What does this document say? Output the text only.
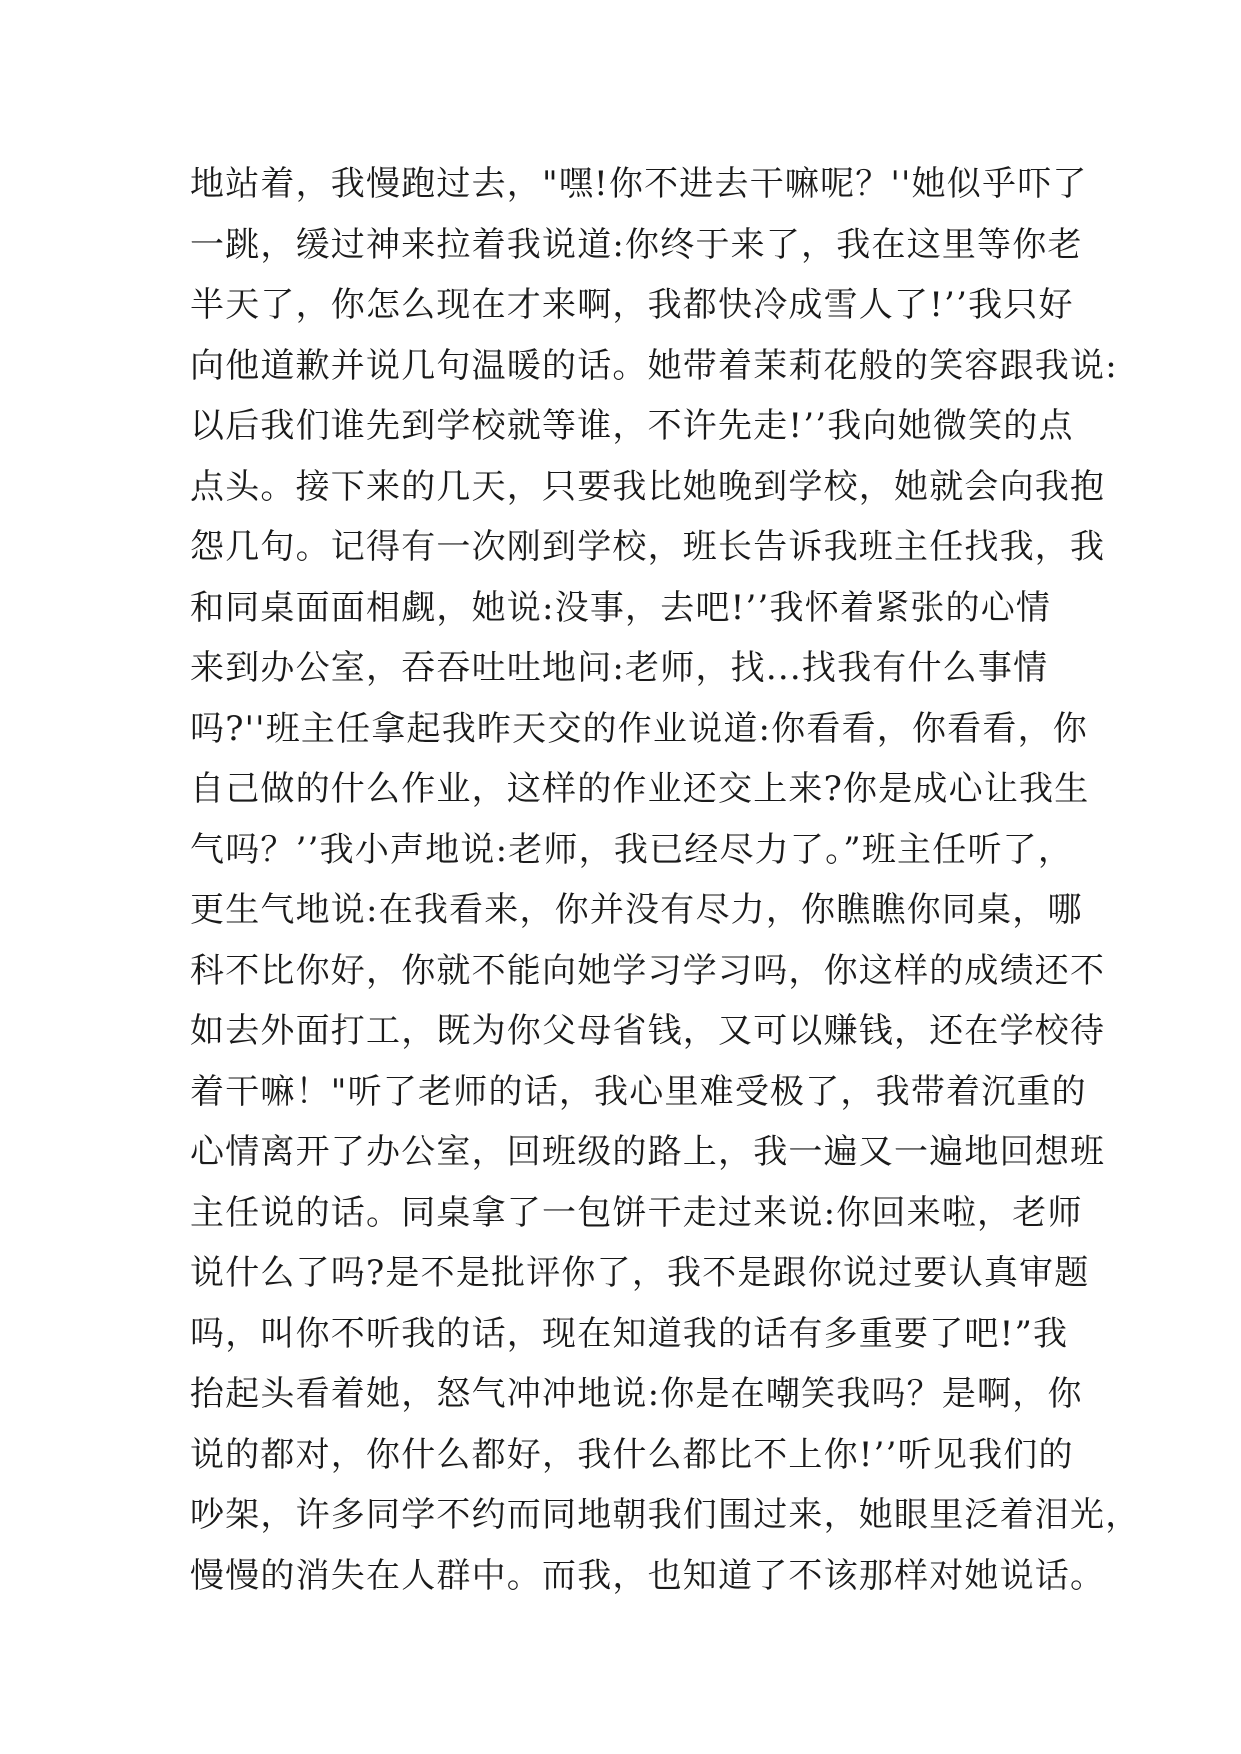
地站着，我慢跑过去，"嘿!你不进去干嘛呢？''她似乎吓了
一跳，缓过神来拉着我说道:你终于来了，我在这里等你老
半天了，你怎么现在才来啊，我都快冷成雪人了!’’我只好
向他道歉并说几句温暖的话。她带着茉莉花般的笑容跟我说:
以后我们谁先到学校就等谁，不许先走!’’我向她微笑的点
点头。接下来的几天，只要我比她晚到学校，她就会向我抱
怨几句。记得有一次刚到学校，班长告诉我班主任找我，我
和同桌面面相觑，她说:没事，去吧!’’我怀着紧张的心情
来到办公室，吞吞吐吐地问:老师，找...找我有什么事情
吗?''班主任拿起我昨天交的作业说道:你看看，你看看，你
自己做的什么作业，这样的作业还交上来?你是成心让我生
气吗？’’我小声地说:老师，我已经尽力了。”班主任听了，
更生气地说:在我看来，你并没有尽力，你瞧瞧你同桌，哪
科不比你好，你就不能向她学习学习吗，你这样的成绩还不
如去外面打工，既为你父母省钱，又可以赚钱，还在学校待
着干嘛！"听了老师的话，我心里难受极了，我带着沉重的
心情离开了办公室，回班级的路上，我一遍又一遍地回想班
主任说的话。同桌拿了一包饼干走过来说:你回来啦，老师
说什么了吗?是不是批评你了，我不是跟你说过要认真审题
吗，叫你不听我的话，现在知道我的话有多重要了吧!”我
抬起头看着她，怒气冲冲地说:你是在嘲笑我吗？是啊，你
说的都对，你什么都好，我什么都比不上你!’’听见我们的
吵架，许多同学不约而同地朝我们围过来，她眼里泛着泪光，
慢慢的消失在人群中。而我，也知道了不该那样对她说话。
